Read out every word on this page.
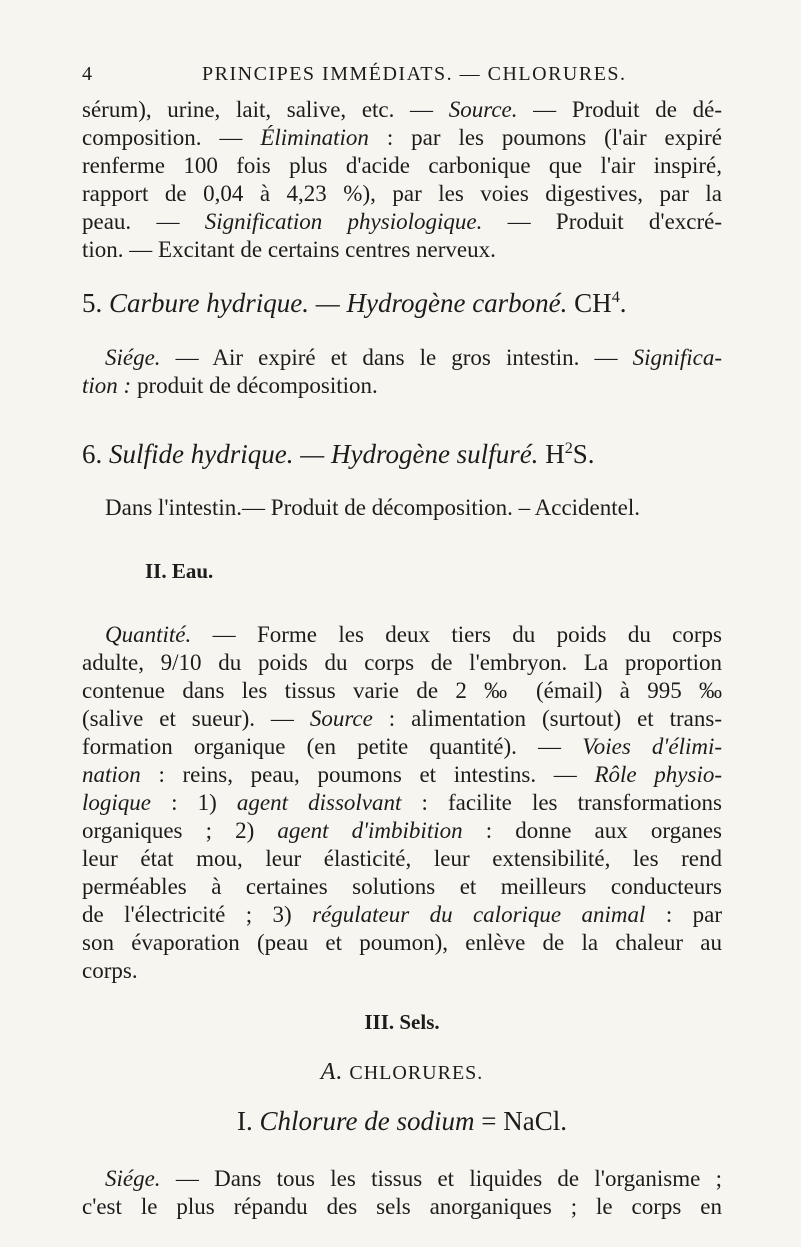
4	PRINCIPES IMMÉDIATS. — CHLORURES.
sérum), urine, lait, salive, etc. — Source. — Produit de dé-
composition. — Élimination : par les poumons (l'air expiré
renferme 100 fois plus d'acide carbonique que l'air inspiré,
rapport de 0,04 à 4,23 %), par les voies digestives, par la
peau. — Signification physiologique. — Produit d'excré-
tion. — Excitant de certains centres nerveux.
5. Carbure hydrique. — Hydrogène carboné. $CH^4$.
Siége. — Air expiré et dans le gros intestin. — Significa-
tion : produit de décomposition.
6. Sulfide hydrique. — Hydrogène sulfuré. $H^2S$.
Dans l'intestin.— Produit de décomposition. – Accidentel.
II. Eau.
Quantité. — Forme les deux tiers du poids du corps
adulte, 9/10 du poids du corps de l'embryon. La proportion
contenue dans les tissus varie de 2 ‰ (émail) à 995 ‰
(salive et sueur). — Source : alimentation (surtout) et trans-
formation organique (en petite quantité). — Voies d'élimi-
nation : reins, peau, poumons et intestins. — Rôle physio-
logique : 1) agent dissolvant : facilite les transformations
organiques ; 2) agent d'imbibition : donne aux organes
leur état mou, leur élasticité, leur extensibilité, les rend
perméables à certaines solutions et meilleurs conducteurs
de l'électricité ; 3) régulateur du calorique animal : par
son évaporation (peau et poumon), enlève de la chaleur au
corps.
III. Sels.
A. CHLORURES.
I. Chlorure de sodium = NaCl.
Siége. — Dans tous les tissus et liquides de l'organisme ;
c'est le plus répandu des sels anorganiques ; le corps en
